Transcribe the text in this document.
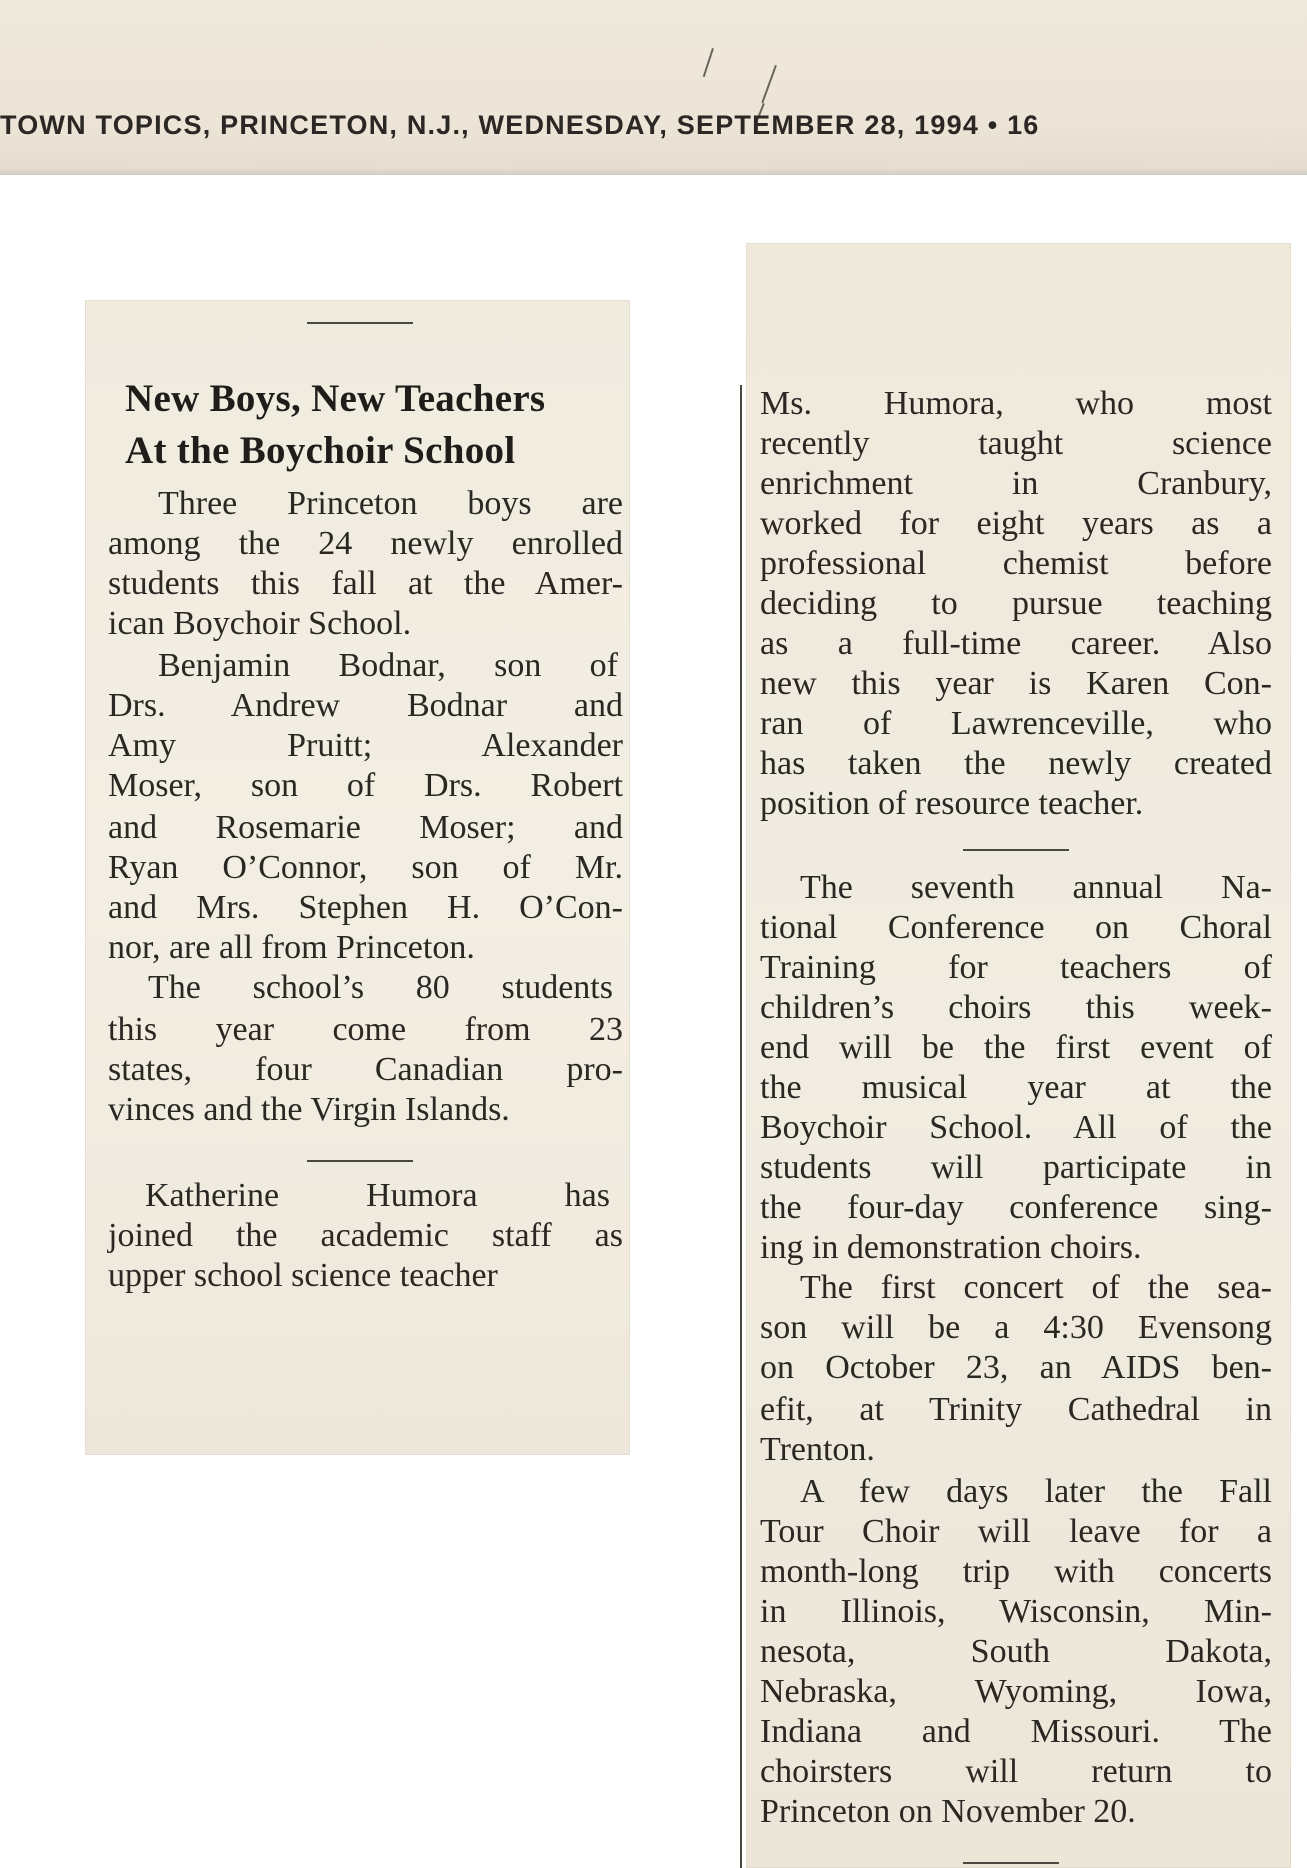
TOWN TOPICS, PRINCETON, N.J., WEDNESDAY, SEPTEMBER 28, 1994 • 16
New Boys, New Teachers
At the Boychoir School
Three Princeton boys are
among the 24 newly enrolled
students this fall at the Amer-
ican Boychoir School.
Benjamin Bodnar, son of
Drs. Andrew Bodnar and
Amy Pruitt; Alexander
Moser, son of Drs. Robert
and Rosemarie Moser; and
Ryan O’Connor, son of Mr.
and Mrs. Stephen H. O’Con-
nor, are all from Princeton.
The school’s 80 students
this year come from 23
states, four Canadian pro-
vinces and the Virgin Islands.
Katherine Humora has
joined the academic staff as
upper school science teacher
Ms. Humora, who most
recently taught science
enrichment in Cranbury,
worked for eight years as a
professional chemist before
deciding to pursue teaching
as a full-time career. Also
new this year is Karen Con-
ran of Lawrenceville, who
has taken the newly created
position of resource teacher.
The seventh annual Na-
tional Conference on Choral
Training for teachers of
children’s choirs this week-
end will be the first event of
the musical year at the
Boychoir School. All of the
students will participate in
the four-day conference sing-
ing in demonstration choirs.
The first concert of the sea-
son will be a 4:30 Evensong
on October 23, an AIDS ben-
efit, at Trinity Cathedral in
Trenton.
A few days later the Fall
Tour Choir will leave for a
month-long trip with concerts
in Illinois, Wisconsin, Min-
nesota, South Dakota,
Nebraska, Wyoming, Iowa,
Indiana and Missouri. The
choirsters will return to
Princeton on November 20.
